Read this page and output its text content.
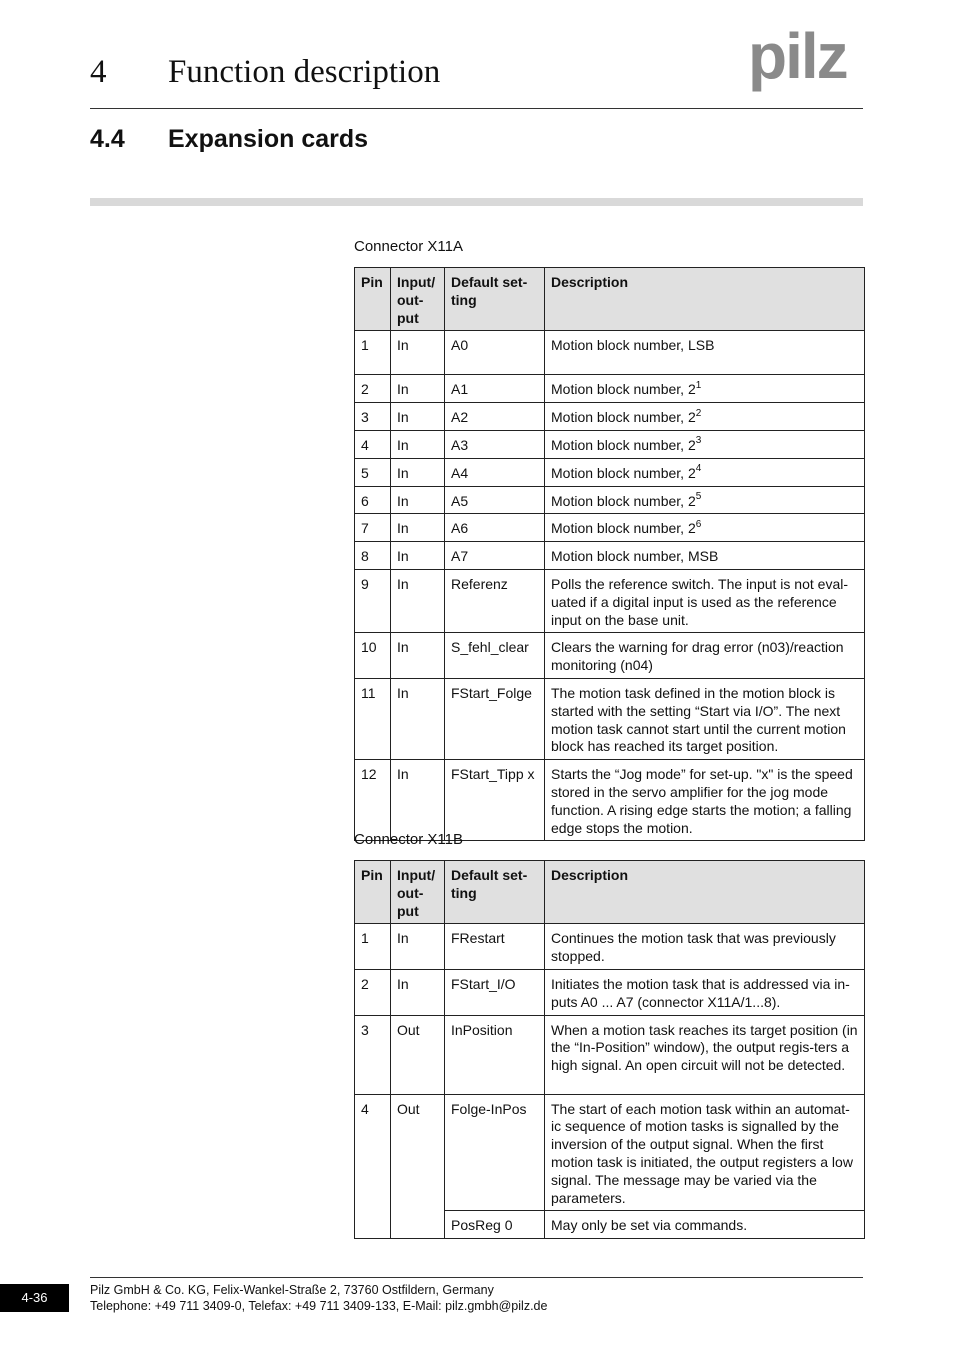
4 Function description	pilz
4.4 Expansion cards
Connector X11A
Pin	Input/ out- put	Default set- ting	Description
1	In	A0	Motion block number, LSB
2	In	A1	Motion block number, $2^1$
3	In	A2	Motion block number, $2^2$
4	In	A3	Motion block number, $2^3$
5	In	A4	Motion block number, $2^4$
6	In	A5	Motion block number, $2^5$
7	In	A6	Motion block number, $2^6$
8	In	A7	Motion block number, MSB
9	In	Referenz	Polls the reference switch. The input is not eval-uated if a digital input is used as the reference input on the base unit.
10	In	S_fehl_clear	Clears the warning for drag error (n03)/reaction monitoring (n04)
11	In	FStart_Folge	The motion task defined in the motion block is started with the setting “Start via I/O”. The next motion task cannot start until the current motion block has reached its target position.
12	In	FStart_Tipp x	Starts the “Jog mode” for set-up. "x" is the speed stored in the servo amplifier for the jog mode function. A rising edge starts the motion; a falling edge stops the motion.
Connector X11B
Pin	Input/ out- put	Default set- ting	Description
1	In	FRestart	Continues the motion task that was previously stopped.
2	In	FStart_I/O	Initiates the motion task that is addressed via in-puts A0 ... A7 (connector X11A/1...8).
3	Out	InPosition	When a motion task reaches its target position (in the “In-Position” window), the output regis-ters a high signal. An open circuit will not be detected.
4	Out	Folge-InPos	The start of each motion task within an automat-ic sequence of motion tasks is signalled by the inversion of the output signal. When the first motion task is initiated, the output registers a low signal. The message may be varied via the parameters.
		PosReg 0	May only be set via commands.
4-36	Pilz GmbH & Co. KG, Felix-Wankel-Straße 2, 73760 Ostfildern, Germany
Telephone: +49 711 3409-0, Telefax: +49 711 3409-133, E-Mail: pilz.gmbh@pilz.de
